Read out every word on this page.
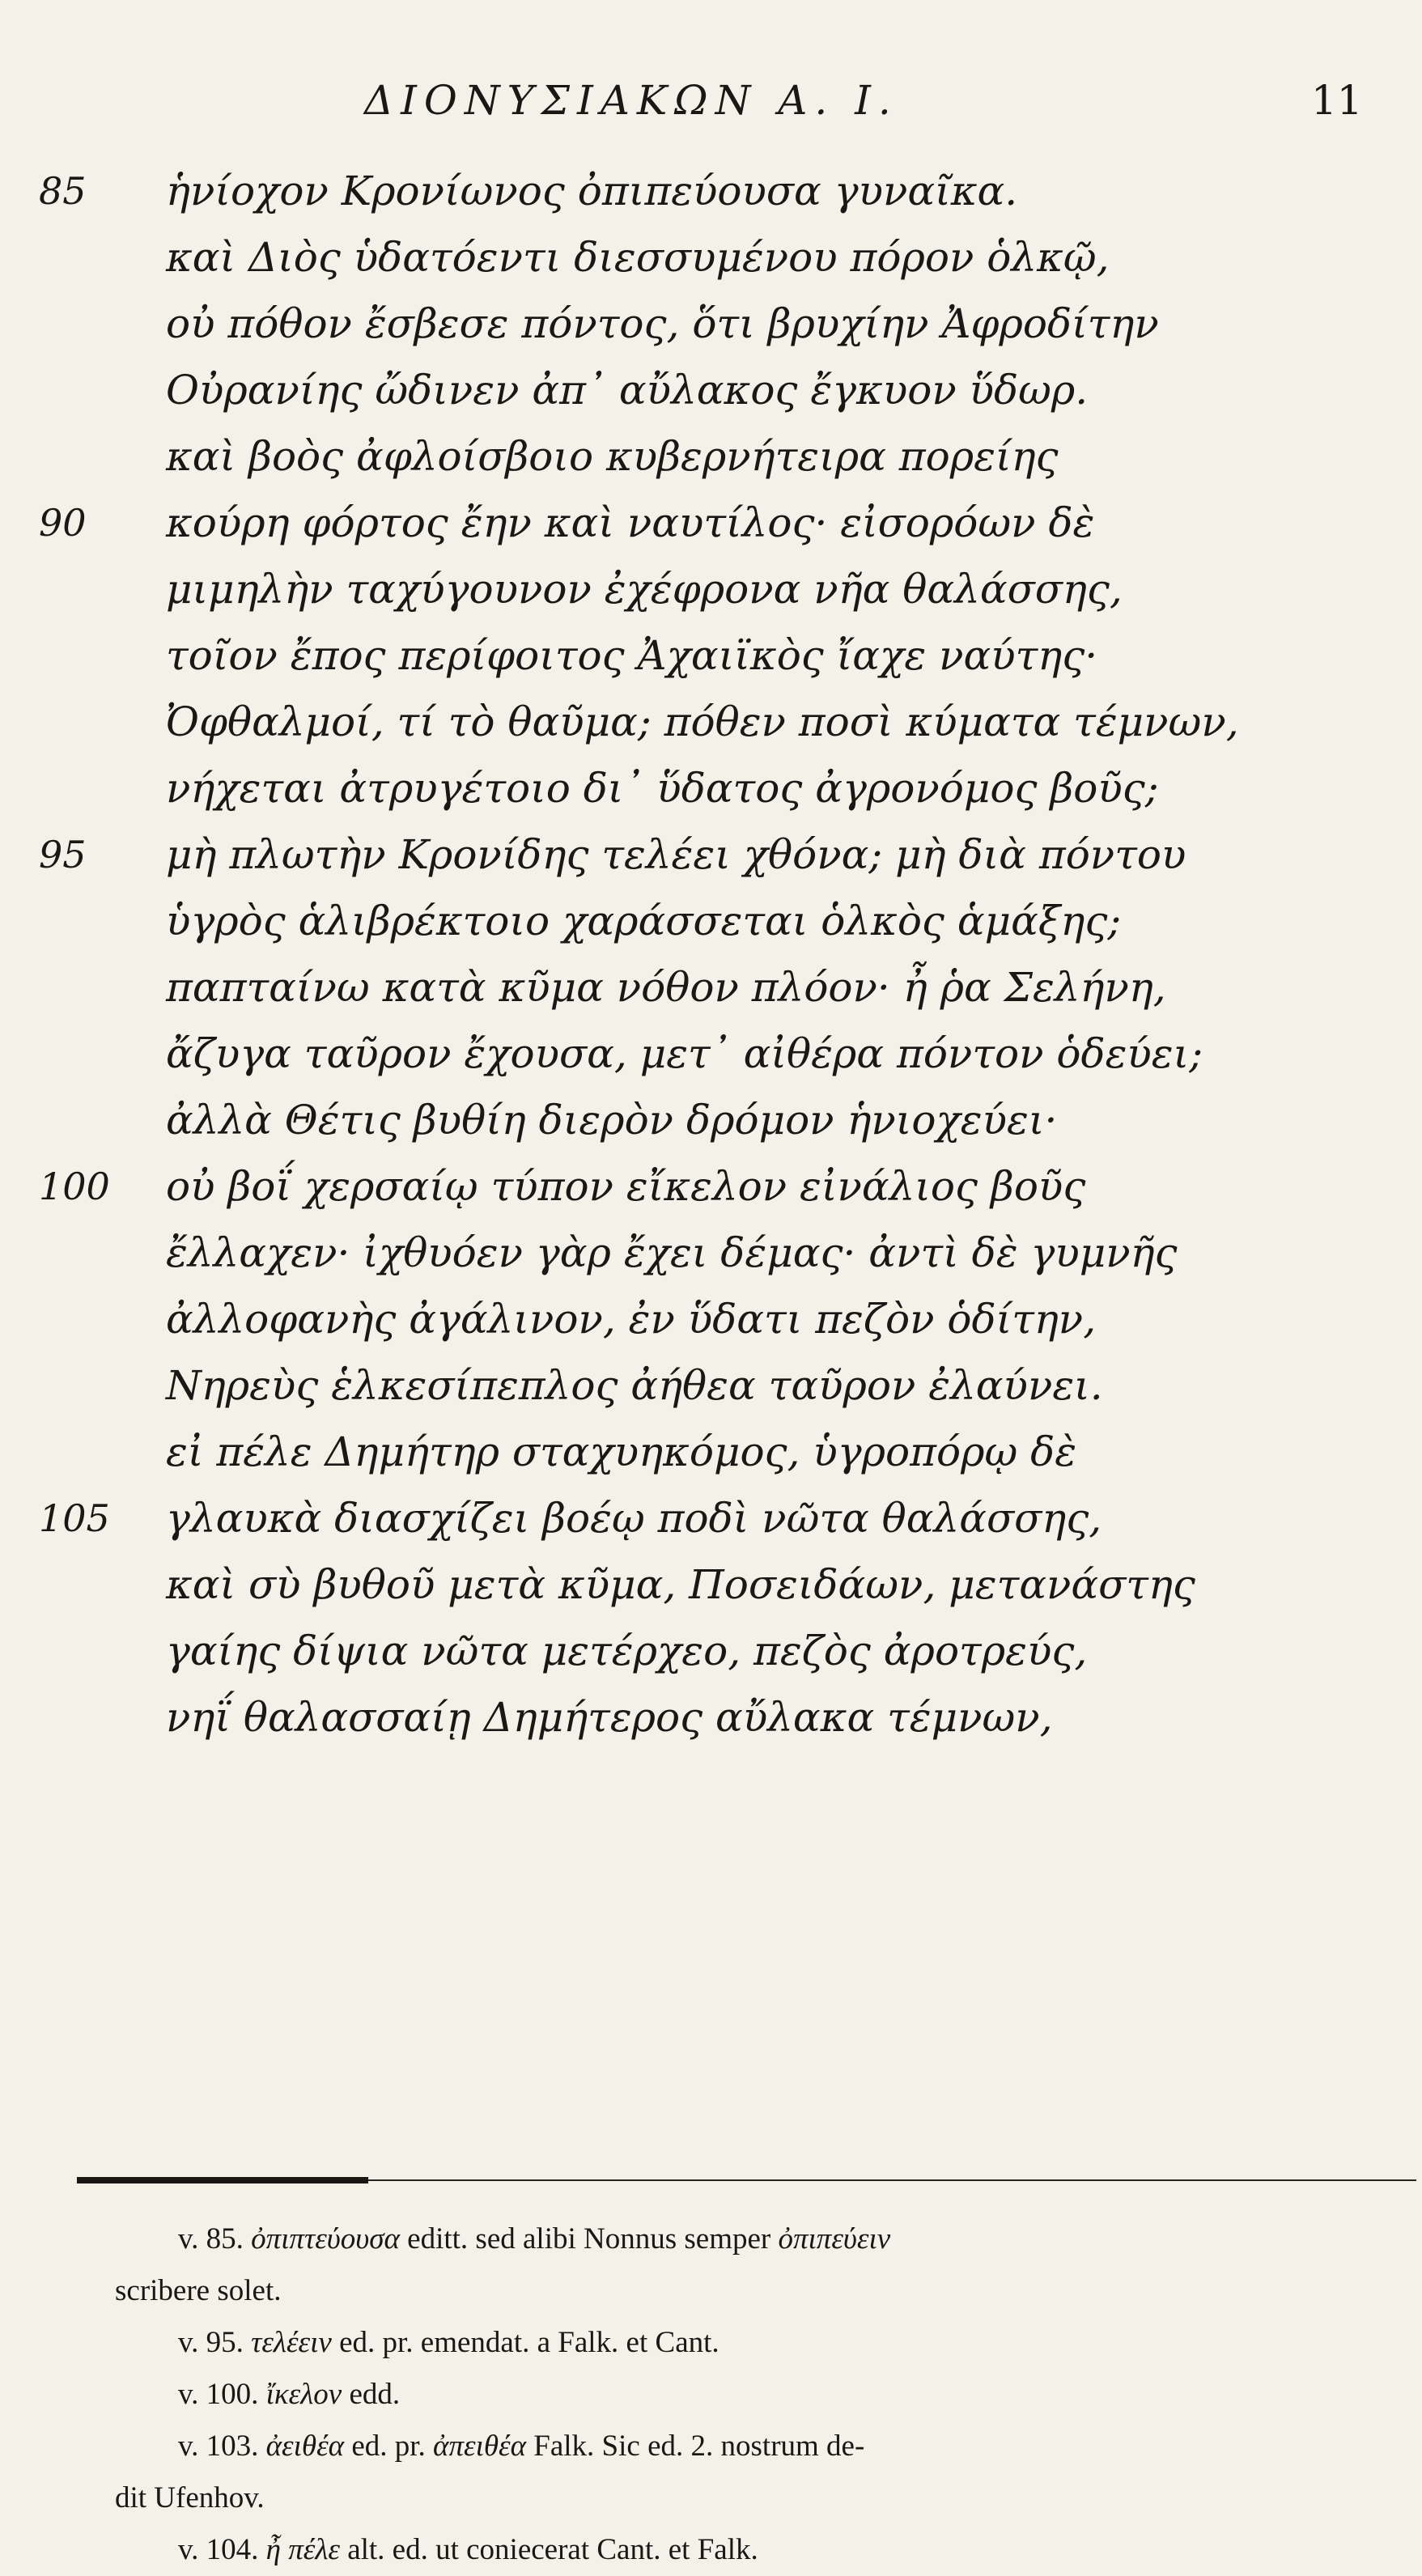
ΔΙΟΝΥΣΙΑΚΩΝ Α. Ι.	11
85	ἡνίοχον Κρονίωνος ὀπιπεύουσα γυναῖκα.
καὶ Διὸς ὑδατόεντι διεσσυμένου πόρον ὁλκῷ,
οὐ πόθον ἔσβεσε πόντος, ὅτι βρυχίην Ἀφροδίτην
Οὐρανίης ὤδινεν ἀπ᾽ αὔλακος ἔγκυον ὕδωρ.
καὶ βοὸς ἀφλοίσβοιο κυβερνήτειρα πορείης
90	κούρη φόρτος ἔην καὶ ναυτίλος· εἰσορόων δὲ
μιμηλὴν ταχύγουνον ἐχέφρονα νῆα θαλάσσης,
τοῖον ἔπος περίφοιτος Ἀχαιϊκὸς ἴαχε ναύτης·
Ὀφθαλμοί, τί τὸ θαῦμα; πόθεν ποσὶ κύματα τέμνων,
νήχεται ἀτρυγέτοιο δι᾽ ὕδατος ἀγρονόμος βοῦς;
95	μὴ πλωτὴν Κρονίδης τελέει χθόνα; μὴ διὰ πόντου
ὑγρὸς ἁλιβρέκτοιο χαράσσεται ὁλκὸς ἁμάξης;
παπταίνω κατὰ κῦμα νόθον πλόον· ἦ ῥα Σελήνη,
ἄζυγα ταῦρον ἔχουσα, μετ᾽ αἰθέρα πόντον ὁδεύει;
ἀλλὰ Θέτις βυθίη διερὸν δρόμον ἡνιοχεύει·
100	οὐ βοΐ χερσαίῳ τύπον εἴκελον εἰνάλιος βοῦς
ἔλλαχεν· ἰχθυόεν γὰρ ἔχει δέμας· ἀντὶ δὲ γυμνῆς
ἀλλοφανὴς ἀγάλινον, ἐν ὕδατι πεζὸν ὁδίτην,
Νηρεὺς ἑλκεσίπεπλος ἀήθεα ταῦρον ἐλαύνει.
εἰ πέλε Δημήτηρ σταχυηκόμος, ὑγροπόρῳ δὲ
105	γλαυκὰ διασχίζει βοέῳ ποδὶ νῶτα θαλάσσης,
καὶ σὺ βυθοῦ μετὰ κῦμα, Ποσειδάων, μετανάστης
γαίης δίψια νῶτα μετέρχεο, πεζὸς ἀροτρεύς,
νηΐ θαλασσαίῃ Δημήτερος αὔλακα τέμνων,
v. 85. ὀπιπτεύουσα editt. sed alibi Nonnus semper ὀπιπεύειν
scribere solet.
v. 95. τελέειν ed. pr. emendat. a Falk. et Cant.
v. 100. ἴκελον edd.
v. 103. ἀειθέα ed. pr. ἀπειθέα Falk. Sic ed. 2. nostrum de-
dit Ufenhov.
v. 104. ἦ πέλε alt. ed. ut coniecerat Cant. et Falk.
